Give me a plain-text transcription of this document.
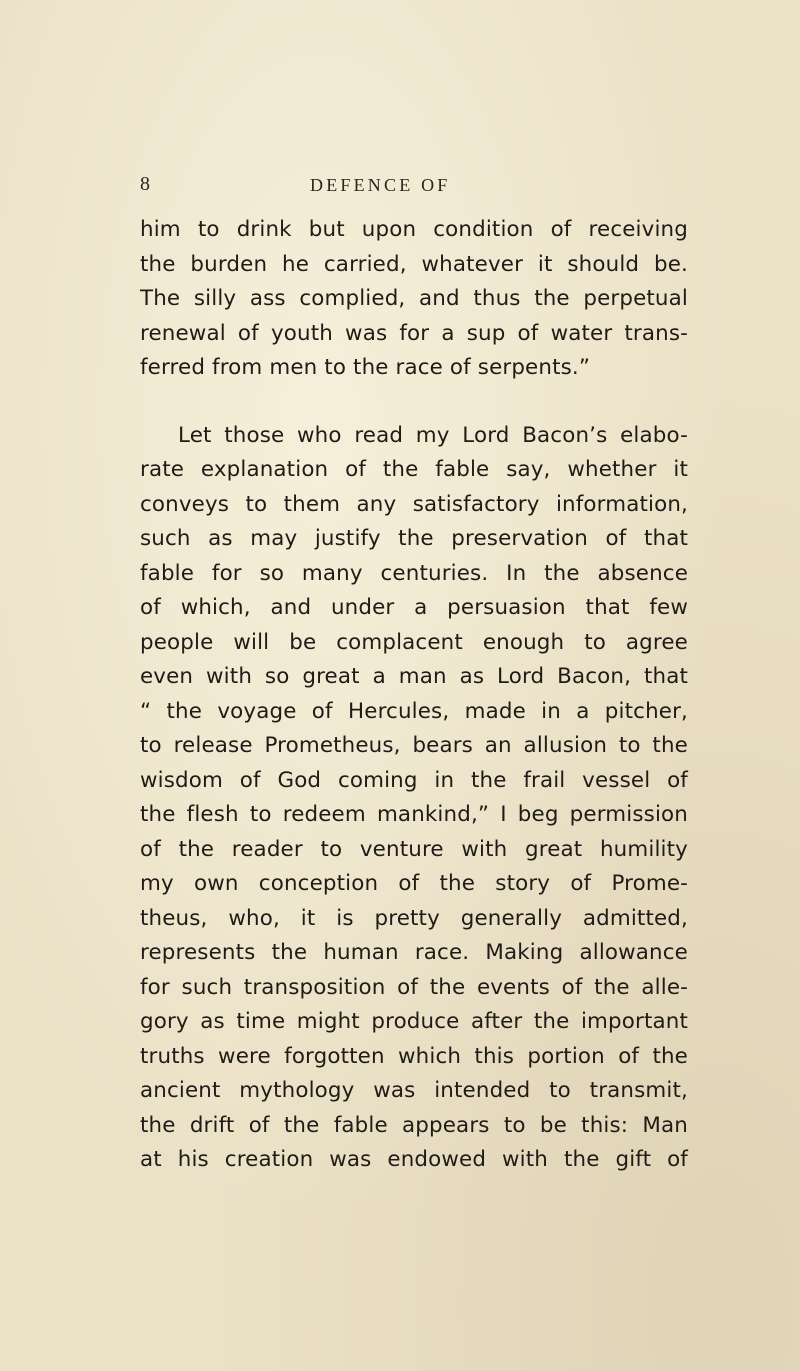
8	DEFENCE OF
him to drink but upon condition of receiving
the burden he carried, whatever it should be.
The silly ass complied, and thus the perpetual
renewal of youth was for a sup of water trans-
ferred from men to the race of serpents.”
Let those who read my Lord Bacon’s elabo-
rate explanation of the fable say, whether it
conveys to them any satisfactory information,
such as may justify the preservation of that
fable for so many centuries. In the absence
of which, and under a persuasion that few
people will be complacent enough to agree
even with so great a man as Lord Bacon, that
“ the voyage of Hercules, made in a pitcher,
to release Prometheus, bears an allusion to the
wisdom of God coming in the frail vessel of
the flesh to redeem mankind,” I beg permission
of the reader to venture with great humility
my own conception of the story of Prome-
theus, who, it is pretty generally admitted,
represents the human race. Making allowance
for such transposition of the events of the alle-
gory as time might produce after the important
truths were forgotten which this portion of the
ancient mythology was intended to transmit,
the drift of the fable appears to be this: Man
at his creation was endowed with the gift of
